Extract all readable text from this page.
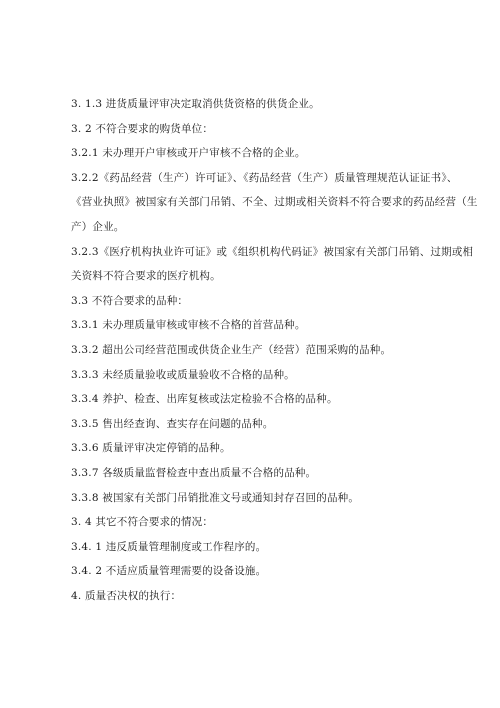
3. 1.3 进货质量评审决定取消供货资格的供货企业。
3. 2 不符合要求的购货单位：
3.2.1 未办理开户审核或开户审核不合格的企业。
3.2.2《药品经营（生产）许可证》、《药品经营（生产）质量管理规范认证证书》、
《营业执照》被国家有关部门吊销、不全、过期或相关资料不符合要求的药品经营（生
产）企业。
3.2.3《医疗机构执业许可证》或《组织机构代码证》被国家有关部门吊销、过期或相
关资料不符合要求的医疗机构。
3.3 不符合要求的品种：
3.3.1 未办理质量审核或审核不合格的首营品种。
3.3.2 超出公司经营范围或供货企业生产（经营）范围采购的品种。
3.3.3 未经质量验收或质量验收不合格的品种。
3.3.4 养护、检查、出库复核或法定检验不合格的品种。
3.3.5 售出经查询、查实存在问题的品种。
3.3.6 质量评审决定停销的品种。
3.3.7 各级质量监督检查中查出质量不合格的品种。
3.3.8 被国家有关部门吊销批准文号或通知封存召回的品种。
3. 4 其它不符合要求的情况：
3.4. 1 违反质量管理制度或工作程序的。
3.4. 2 不适应质量管理需要的设备设施。
4. 质量否决权的执行：
